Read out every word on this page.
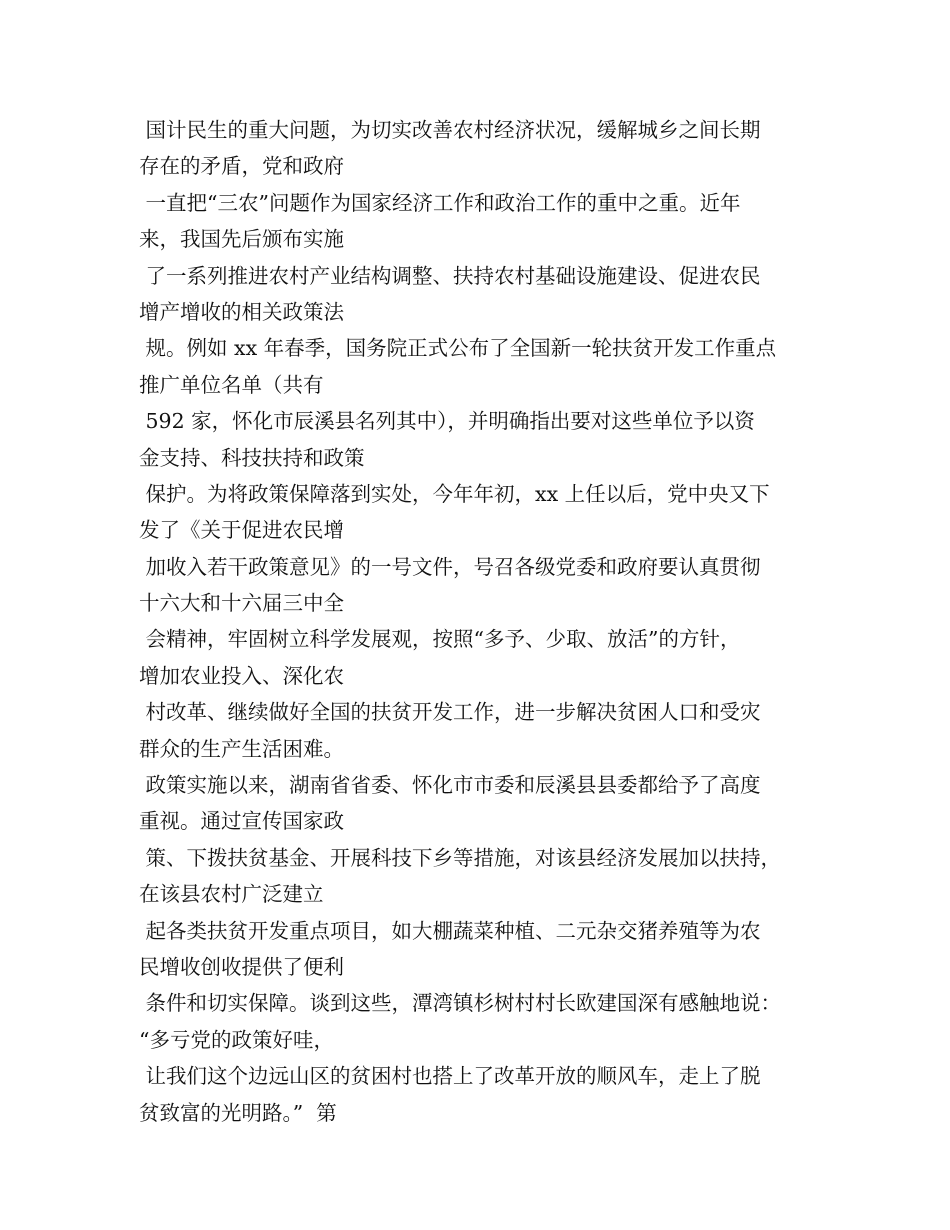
国计民生的重大问题，为切实改善农村经济状况，缓解城乡之间长期
存在的矛盾，党和政府
一直把“三农”问题作为国家经济工作和政治工作的重中之重。近年
来，我国先后颁布实施
了一系列推进农村产业结构调整、扶持农村基础设施建设、促进农民
增产增收的相关政策法
规。例如 xx 年春季，国务院正式公布了全国新一轮扶贫开发工作重点
推广单位名单（共有
592 家，怀化市辰溪县名列其中），并明确指出要对这些单位予以资
金支持、科技扶持和政策
保护。为将政策保障落到实处，今年年初，xx 上任以后，党中央又下
发了《关于促进农民增
加收入若干政策意见》的一号文件，号召各级党委和政府要认真贯彻
十六大和十六届三中全
会精神，牢固树立科学发展观，按照“多予、少取、放活”的方针，
增加农业投入、深化农
村改革、继续做好全国的扶贫开发工作，进一步解决贫困人口和受灾
群众的生产生活困难。
政策实施以来，湖南省省委、怀化市市委和辰溪县县委都给予了高度
重视。通过宣传国家政
策、下拨扶贫基金、开展科技下乡等措施，对该县经济发展加以扶持，
在该县农村广泛建立
起各类扶贫开发重点项目，如大棚蔬菜种植、二元杂交猪养殖等为农
民增收创收提供了便利
条件和切实保障。谈到这些，潭湾镇杉树村村长欧建国深有感触地说：
“多亏党的政策好哇，
让我们这个边远山区的贫困村也搭上了改革开放的顺风车，走上了脱
贫致富的光明路。”  第
